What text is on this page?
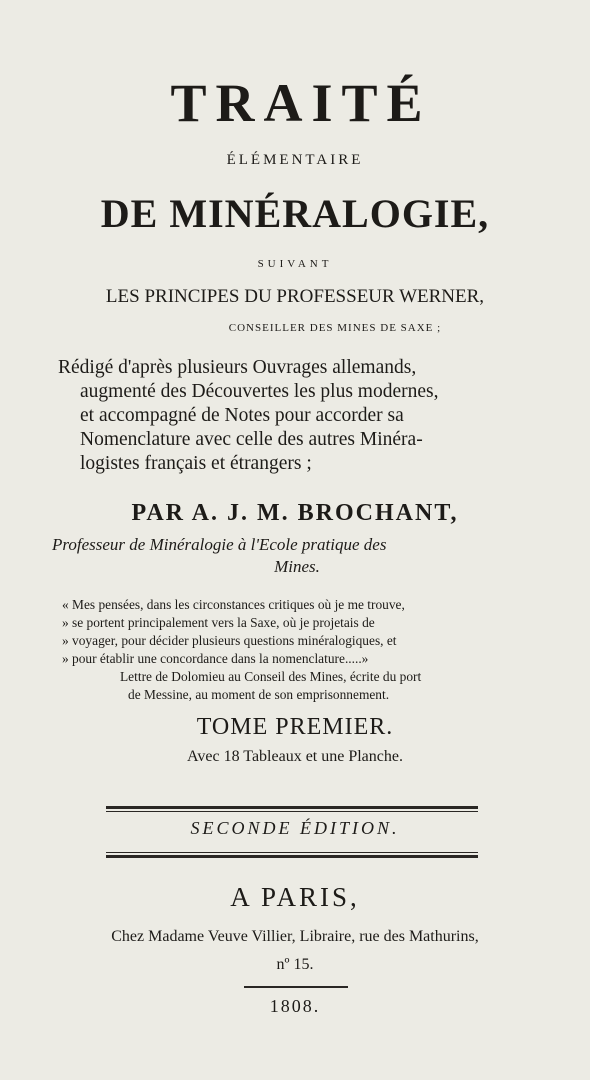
TRAITÉ
ÉLÉMENTAIRE
DE MINÉRALOGIE,
SUIVANT
LES PRINCIPES DU PROFESSEUR WERNER,
CONSEILLER DES MINES DE SAXE ;
Rédigé d'après plusieurs Ouvrages allemands,
augmenté des Découvertes les plus modernes,
et accompagné de Notes pour accorder sa
Nomenclature avec celle des autres Minéra-
logistes français et étrangers ;
PAR A. J. M. BROCHANT,
Professeur de Minéralogie à l'Ecole pratique des
Mines.
« Mes pensées, dans les circonstances critiques où je me trouve,
» se portent principalement vers la Saxe, où je projetais de
» voyager, pour décider plusieurs questions minéralogiques, et
» pour établir une concordance dans la nomenclature.....»
Lettre de Dolomieu au Conseil des Mines, écrite du port
de Messine, au moment de son emprisonnement.
TOME PREMIER.
Avec 18 Tableaux et une Planche.
SECONDE ÉDITION.
A PARIS,
Chez Madame Veuve Villier, Libraire, rue des Mathurins,
nº 15.
1808.
